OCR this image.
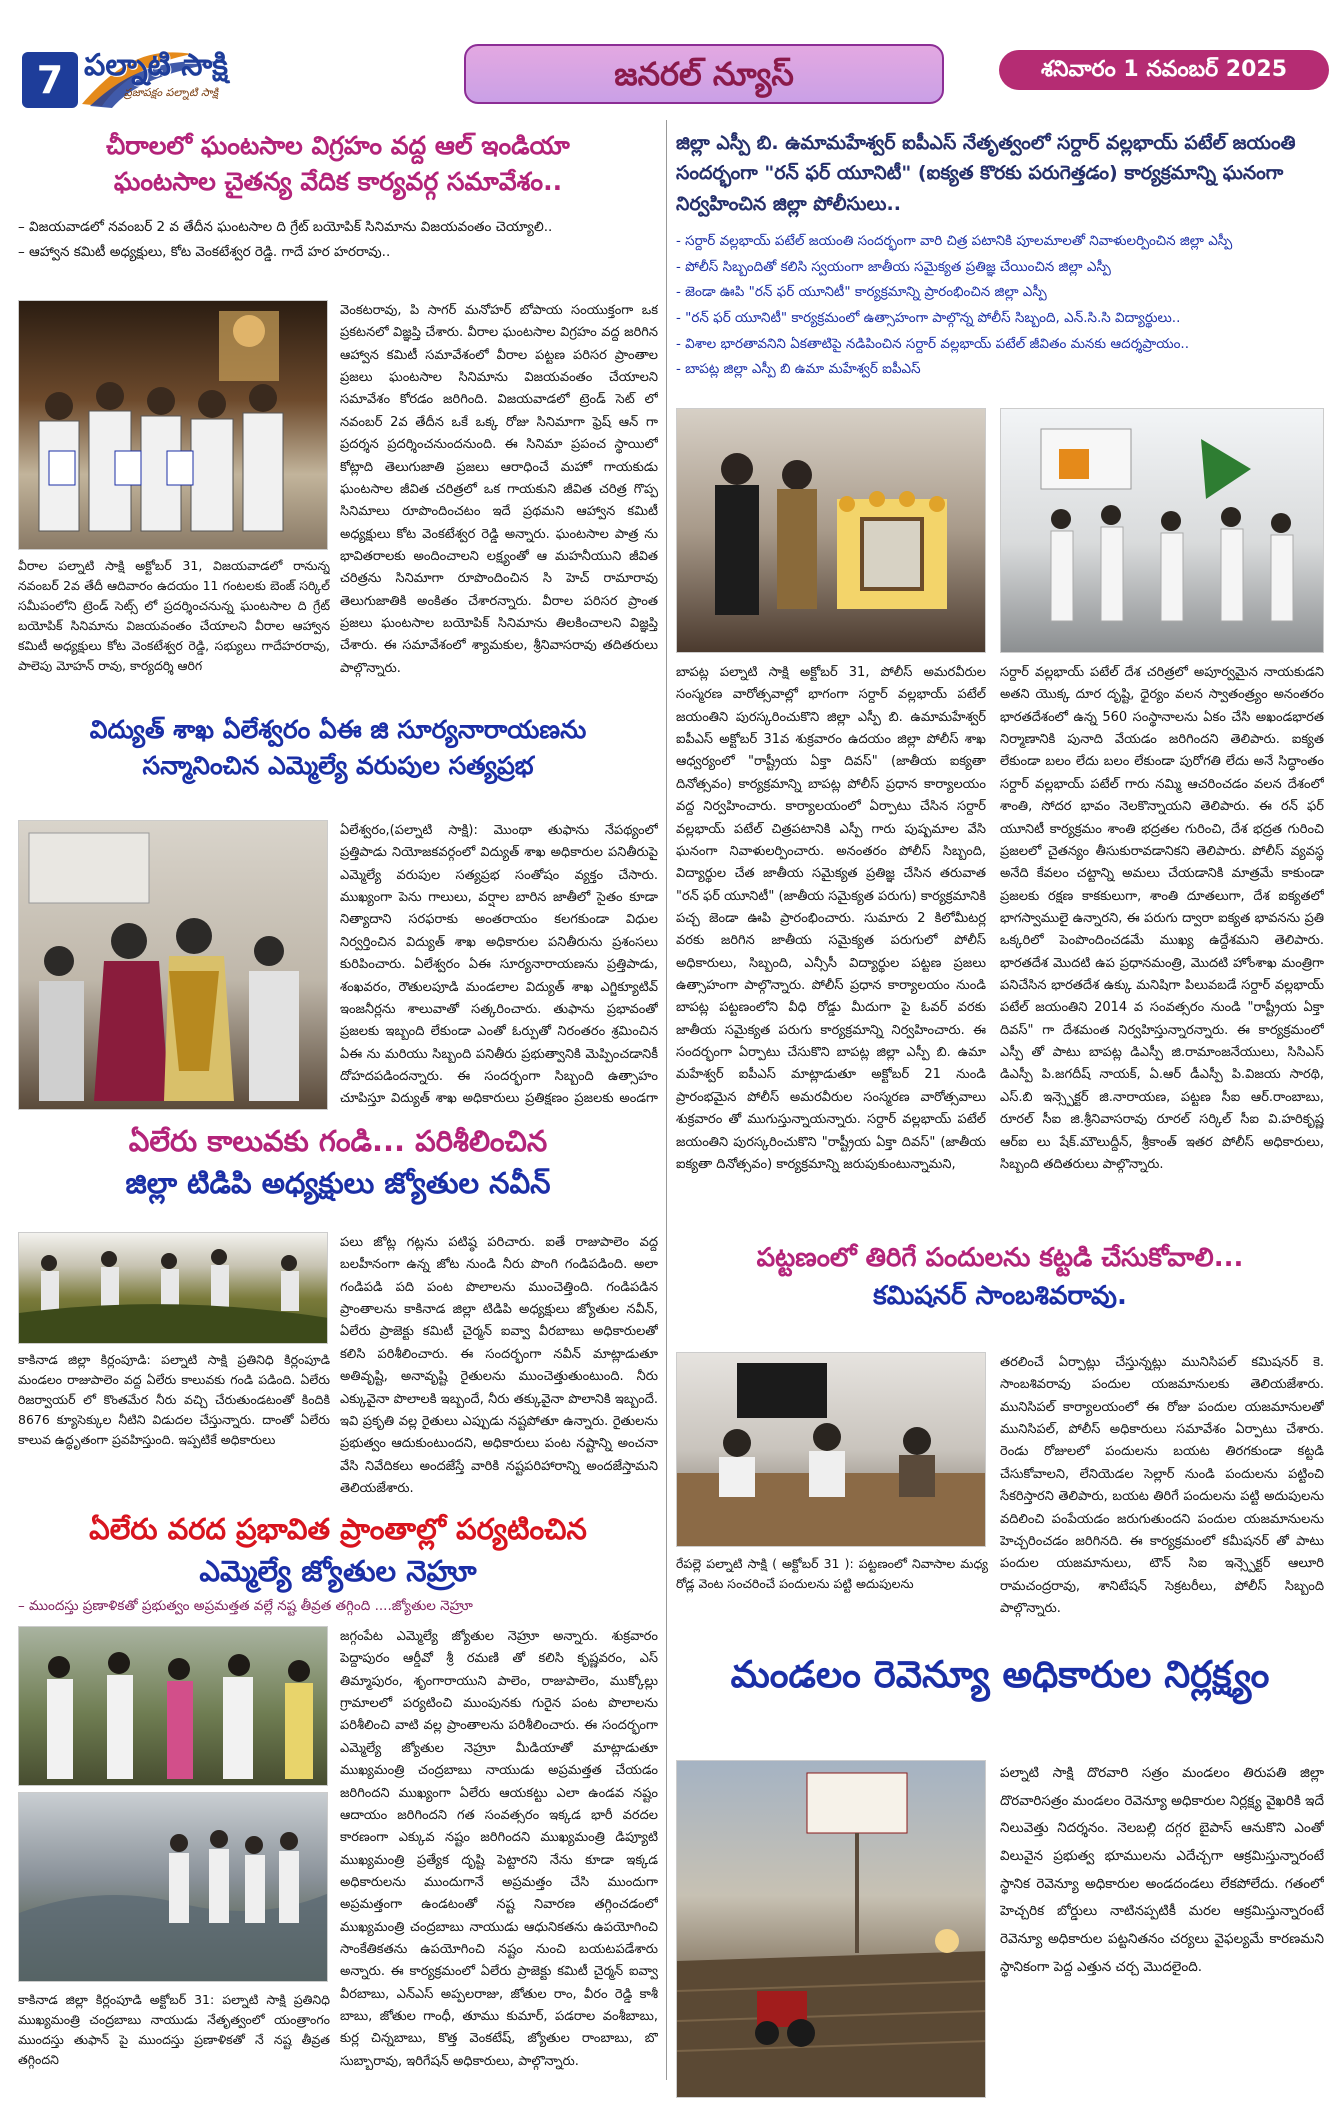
7 పల్నాటి సాక్షి
ప్రజాపక్షం పల్నాటి సాక్షి	జనరల్ న్యూస్	శనివారం 1 నవంబర్ 2025
చీరాలలో ఘంటసాల విగ్రహం వద్ద ఆల్ ఇండియా
ఘంటసాల చైతన్య వేదిక కార్యవర్గ సమావేశం..
– విజయవాడలో నవంబర్ 2 వ తేదీన ఘంటసాల ది గ్రేట్ బయోపిక్ సినిమాను విజయవంతం చెయ్యాలి..
– ఆహ్వాన కమిటీ అధ్యక్షులు, కోట వెంకటేశ్వర రెడ్డి. గాదే హర హరరావు..
వెంకటరావు, పి సాగర్ మనోహర్ బోపాయ సంయుక్తంగా ఒక ప్రకటనలో విజ్ఞప్తి చేశారు. వీరాల ఘంటసాల విగ్రహం వద్ద జరిగిన ఆహ్వాన కమిటీ సమావేశంలో వీరాల పట్టణ పరిసర ప్రాంతాల ప్రజలు ఘంటసాల సినిమాను విజయవంతం చేయాలని సమావేశం కోరడం జరిగింది. విజయవాడలో ట్రెండ్ సెట్ లో నవంబర్ 2వ తేదీన ఒకే ఒక్క రోజు సినిమాగా ఫ్రెష్ ఆన్ గా ప్రదర్శన ప్రదర్శించనుందనుంది. ఈ సినిమా ప్రపంచ స్థాయిలో కోట్లాది తెలుగుజాతి ప్రజలు ఆరాధించే మహో గాయకుడు ఘంటసాల జీవిత చరిత్రలో ఒక గాయకుని జీవిత చరిత్ర గొప్ప సినిమాలు రూపొందించటం ఇదే ప్రథమని ఆహ్వాన కమిటీ అధ్యక్షులు కోట వెంకటేశ్వర రెడ్డి అన్నారు. ఘంటసాల పాత్ర ను భావితరాలకు అందించాలని లక్ష్యంతో ఆ మహనీయుని జీవిత చరిత్రను సినిమాగా రూపొందించిన సి హెచ్ రామారావు తెలుగుజాతికి అంకితం చేశారన్నారు. వీరాల పరిసర ప్రాంత ప్రజలు ఘంటసాల బయోపిక్ సినిమాను తిలకించాలని విజ్ఞప్తి చేశారు. ఈ సమావేశంలో శ్యామకుల, శ్రీనివాసరావు తదితరులు పాల్గొన్నారు.
వీరాల పల్నాటి సాక్షి అక్టోబర్ 31, విజయవాడలో రానున్న నవంబర్ 2వ తేదీ ఆదివారం ఉదయం 11 గంటలకు బెంజ్ సర్కిల్ సమీపంలోని ట్రెండ్ సెట్స్ లో ప్రదర్శించనున్న ఘంటసాల ది గ్రేట్ బయోపిక్ సినిమాను విజయవంతం చేయాలని వీరాల ఆహ్వాన కమిటీ అధ్యక్షులు కోట వెంకటేశ్వర రెడ్డి, సభ్యులు గాదేహరరావు, పాలెపు మోహన్ రావు, కార్యదర్శి ఆరిగ
విద్యుత్ శాఖ ఏలేశ్వరం ఏఈ జి సూర్యనారాయణను
సన్మానించిన ఎమ్మెల్యే వరుపుల సత్యప్రభ
ఏలేశ్వరం,(పల్నాటి సాక్షి): మొంథా తుఫాను నేపథ్యంలో ప్రత్తిపాడు నియోజకవర్గంలో విద్యుత్ శాఖ అధికారుల పనితీరుపై ఎమ్మెల్యే వరుపుల సత్యప్రభ సంతోషం వ్యక్తం చేసారు. ముఖ్యంగా పెను గాలులు, వర్షాల బారిన జాతీలో సైతం కూడా నిత్యాదాని సరఫరాకు అంతరాయం కలగకుండా విధుల నిర్వర్తించిన విద్యుత్ శాఖ అధికారుల పనితీరును ప్రశంసలు కురిపించారు. ఏలేశ్వరం ఏఈ సూర్యనారాయణను ప్రత్తిపాడు, శంఖవరం, రౌతులపూడి మండలాల విద్యుత్ శాఖ ఎగ్జిక్యూటివ్ ఇంజనీర్లను శాలువాతో సత్కరించారు. తుఫాను ప్రభావంతో ప్రజలకు ఇబ్బంది లేకుండా ఎంతో ఓర్పుతో నిరంతరం శ్రమించిన ఏఈ ను మరియు సిబ్బంది పనితీరు ప్రభుత్వానికి మెప్పించడానికీ దోహదపడిందన్నారు. ఈ సందర్భంగా సిబ్బంది ఉత్సాహం చూపిస్తూ విద్యుత్ శాఖ అధికారులు ప్రతిక్షణం ప్రజలకు అండగా
ఏలేరు కాలువకు గండి... పరిశీలించిన
జిల్లా టిడిపి అధ్యక్షులు జ్యోతుల నవీన్
కాకినాడ జిల్లా కిర్లంపూడి: పల్నాటి సాక్షి ప్రతినిధి కిర్లంపూడి మండలం రాజుపాలెం వద్ద ఏలేరు కాలువకు గండి పడింది. ఏలేరు రిజర్వాయర్ లో కొంతమేర నీరు వచ్చి చేరుతుండటంతో కిందికి 8676 క్యూసెక్కుల నీటిని విడుదల చేస్తున్నారు. దాంతో ఏలేరు కాలువ ఉద్ధృతంగా ప్రవహిస్తుంది. ఇప్పటికే అధికారులు
పలు జోట్ల గట్లను పటిష్ఠ పరిచారు. ఐతే రాజుపాలెం వద్ద బలహీనంగా ఉన్న జోట నుండి నీరు పొంగి గండిపడింది. అలా గండిపడి పది పంట పొలాలను ముంచెత్తింది. గండిపడిన ప్రాంతాలను కాకినాడ జిల్లా టిడిపి అధ్యక్షులు జ్యోతుల నవీన్, ఏలేరు ప్రాజెక్టు కమిటీ చైర్మన్ ఐవ్వా వీరబాబు అధికారులతో కలిసి పరిశీలించారు. ఈ సందర్భంగా నవీన్ మాట్లాడుతూ అతివృష్టి, అనావృష్టి రైతులను ముంచెత్తుతుంటుంది. నీరు ఎక్కువైనా పొలాలకి ఇబ్బందే, నీరు తక్కువైనా పొలానికి ఇబ్బందే. ఇవి ప్రకృతి వల్ల రైతులు ఎప్పుడు నష్టపోతూ ఉన్నారు. రైతులను ప్రభుత్వం ఆదుకుంటుందని, అధికారులు పంట నష్టాన్ని అంచనా వేసి నివేదికలు అందజేస్తే వారికి నష్టపరిహారాన్ని అందజేస్తామని తెలియజేశారు.
ఏలేరు వరద ప్రభావిత ప్రాంతాల్లో పర్యటించిన
ఎమ్మెల్యే జ్యోతుల నెహ్రూ
– ముందస్తు ప్రణాళికతో ప్రభుత్వం అప్రమత్తత వల్లే నష్ట తీవ్రత తగ్గింది ....జ్యోతుల నెహ్రూ
కాకినాడ జిల్లా కిర్లంపూడి అక్టోబర్ 31: పల్నాటి సాక్షి ప్రతినిధి ముఖ్యమంత్రి చంద్రబాబు నాయుడు నేతృత్వంలో యంత్రాంగం ముందస్తు తుఫాన్ పై ముందస్తు ప్రణాళికతో నే నష్ట తీవ్రత తగ్గిందని
జగ్గంపేట ఎమ్మెల్యే జ్యోతుల నెహ్రూ అన్నారు. శుక్రవారం పెద్దాపురం ఆర్డీవో శ్రీ రమణి తో కలిసి కృష్ణవరం, ఎస్ తిమ్మాపురం, శృంగారాయుని పాలెం, రాజుపాలెం, ముక్కోల్లు గ్రామాలలో పర్యటించి ముంపునకు గురైన పంట పొలాలను పరిశీలించి వాటి వల్ల ప్రాంతాలను పరిశీలించారు. ఈ సందర్భంగా ఎమ్మెల్యే జ్యోతుల నెహ్రూ మీడియాతో మాట్లాడుతూ ముఖ్యమంత్రి చంద్రబాబు నాయుడు అప్రమత్తత చేయడం జరిగిందని ముఖ్యంగా ఏలేరు ఆయకట్టు ఎలా ఉండవ నష్టం ఆదాయం జరిగిందని గత సంవత్సరం ఇక్కడ భారీ వరదల కారణంగా ఎక్కువ నష్టం జరిగిందని ముఖ్యమంత్రి డిప్యూటి ముఖ్యమంత్రి ప్రత్యేక దృష్టి పెట్టారని నేను కూడా ఇక్కడ అధికారులను ముందుగానే అప్రమత్తం చేసి ముందుగా అప్రమత్తంగా ఉండటంతో నష్ట నివారణ తగ్గించడంలో ముఖ్యమంత్రి చంద్రబాబు నాయుడు ఆధునికతను ఉపయోగించి సాంకేతికతను ఉపయోగించి నష్టం నుంచి బయటపడేశారు అన్నారు. ఈ కార్యక్రమంలో ఏలేరు ప్రాజెక్టు కమిటీ చైర్మన్ ఐవ్వా వీరబాబు, ఎన్ఎస్ అప్పలరాజు, జోతుల రాం, వీరం రెడ్డి కాశీ బాబు, జోతుల గాంధీ, తూము కుమార్, పడరాల వంశీబాబు, కుర్ల చిన్నబాబు, కొత్త వెంకటేష్, జ్యోతుల రాంబాబు, బొ సుబ్బారావు, ఇరిగేషన్ అధికారులు, పాల్గొన్నారు.
జిల్లా ఎస్పీ బి. ఉమామహేశ్వర్ ఐపీఎస్ నేతృత్వంలో సర్దార్ వల్లభాయ్ పటేల్ జయంతి సందర్భంగా "రన్ ఫర్ యూనిటీ" (ఐక్యత కొరకు పరుగెత్తడం) కార్యక్రమాన్ని ఘనంగా నిర్వహించిన జిల్లా పోలీసులు..
- సర్దార్ వల్లభాయ్ పటేల్ జయంతి సందర్భంగా వారి చిత్ర పటానికి పూలమాలతో నివాళులర్పించిన జిల్లా ఎస్పీ
- పోలీస్ సిబ్బందితో కలిసి స్వయంగా జాతీయ సమైక్యత ప్రతిజ్ఞ చేయించిన జిల్లా ఎస్పీ
- జెండా ఊపి "రన్ ఫర్ యూనిటీ" కార్యక్రమాన్ని ప్రారంభించిన జిల్లా ఎస్పీ
- "రన్ ఫర్ యూనిటీ" కార్యక్రమంలో ఉత్సాహంగా పాల్గొన్న పోలీస్ సిబ్బంది, ఎన్.సి.సి విద్యార్థులు..
- విశాల భారతావనిని ఏకతాటిపై నడిపించిన సర్దార్ వల్లభాయ్ పటేల్ జీవితం మనకు ఆదర్శప్రాయం..
- బాపట్ల జిల్లా ఎస్పీ బి ఉమా మహేశ్వర్ ఐపీఎస్
బాపట్ల పల్నాటి సాక్షి అక్టోబర్ 31, పోలీస్ అమరవీరుల సంస్మరణ వారోత్సవాల్లో భాగంగా సర్దార్ వల్లభాయ్ పటేల్ జయంతిని పురస్కరించుకొని జిల్లా ఎస్పీ బి. ఉమామహేశ్వర్ ఐపీఎస్ అక్టోబర్ 31వ శుక్రవారం ఉదయం జిల్లా పోలీస్ శాఖ ఆధ్వర్యంలో "రాష్ట్రీయ ఏక్తా దివస్" (జాతీయ ఐక్యతా దినోత్సవం) కార్యక్రమాన్ని బాపట్ల పోలీస్ ప్రధాన కార్యాలయం వద్ద నిర్వహించారు. కార్యాలయంలో ఏర్పాటు చేసిన సర్దార్ వల్లభాయ్ పటేల్ చిత్రపటానికి ఎస్పీ గారు పుష్పమాల వేసి ఘనంగా నివాళులర్పించారు. అనంతరం పోలీస్ సిబ్బంది, విద్యార్థుల చేత జాతీయ సమైక్యత ప్రతిజ్ఞ చేసిన తరువాత "రన్ ఫర్ యూనిటీ" (జాతీయ సమైక్యత పరుగు) కార్యక్రమానికి పచ్చ జెండా ఊపి ప్రారంభించారు. సుమారు 2 కిలోమీటర్ల వరకు జరిగిన జాతీయ సమైక్యత పరుగులో పోలీస్ అధికారులు, సిబ్బంది, ఎన్సీసీ విద్యార్థుల పట్టణ ప్రజలు ఉత్సాహంగా పాల్గొన్నారు. పోలీస్ ప్రధాన కార్యాలయం నుండి బాపట్ల పట్టణంలోని వీధి రోడ్డు మీదుగా పై ఓవర్ వరకు జాతీయ సమైక్యత పరుగు కార్యక్రమాన్ని నిర్వహించారు. ఈ సందర్భంగా ఏర్పాటు చేసుకొని బాపట్ల జిల్లా ఎస్పీ బి. ఉమా మహేశ్వర్ ఐపీఎస్ మాట్లాడుతూ అక్టోబర్ 21 నుండి ప్రారంభమైన పోలీస్ అమరవీరుల సంస్మరణ వారోత్సవాలు శుక్రవారం తో ముగుస్తున్నాయన్నారు. సర్దార్ వల్లభాయ్ పటేల్ జయంతిని పురస్కరించుకొని "రాష్ట్రీయ ఏక్తా దివస్" (జాతీయ ఐక్యతా దినోత్సవం) కార్యక్రమాన్ని జరుపుకుంటున్నామని,
సర్దార్ వల్లభాయ్ పటేల్ దేశ చరిత్రలో అపూర్వమైన నాయకుడని అతని యొక్క దూర దృష్టి, ధైర్యం వలన స్వాతంత్ర్యం అనంతరం భారతదేశంలో ఉన్న 560 సంస్థానాలను ఏకం చేసి అఖండభారత నిర్మాణానికి పునాది వేయడం జరిగిందని తెలిపారు. ఐక్యత లేకుండా బలం లేదు బలం లేకుండా పురోగతి లేదు అనే సిద్ధాంతం సర్దార్ వల్లభాయ్ పటేల్ గారు నమ్మి ఆచరించడం వలన దేశంలో శాంతి, సోదర భావం నెలకొన్నాయని తెలిపారు. ఈ రన్ ఫర్ యూనిటీ కార్యక్రమం శాంతి భద్రతల గురించి, దేశ భద్రత గురించి ప్రజలలో చైతన్యం తీసుకురావడానికని తెలిపారు. పోలీస్ వ్యవస్థ అనేది కేవలం చట్టాన్ని అమలు చేయడానికి మాత్రమే కాకుండా ప్రజలకు రక్షణ కాకకులుగా, శాంతి దూతలుగా, దేశ ఐక్యతలో భాగస్వాములై ఉన్నారని, ఈ పరుగు ద్వారా ఐక్యత భావనను ప్రతి ఒక్కరిలో పెంపొందించడమే ముఖ్య ఉద్దేశమని తెలిపారు. భారతదేశ మొదటి ఉప ప్రధానమంత్రి, మొదటి హోంశాఖ మంత్రిగా పనిచేసిన భారతదేశ ఉక్కు మనిషిగా పిలువబడే సర్దార్ వల్లభాయ్ పటేల్ జయంతిని 2014 వ సంవత్సరం నుండి "రాష్ట్రీయ ఏక్తా దివస్" గా దేశమంత నిర్వహిస్తున్నారన్నారు. ఈ కార్యక్రమంలో ఎస్పీ తో పాటు బాపట్ల డిఎస్పీ జి.రామాంజనేయులు, సిసిఎస్ డిఎస్పీ పి.జగదీష్ నాయక్, ఏ.ఆర్ డీఎస్పీ పి.విజయ సారథి, ఎస్.బి ఇన్స్పెక్టర్ జి.నారాయణ, పట్టణ సీఐ ఆర్.రాంబాబు, రూరల్ సీఐ జి.శ్రీనివాసరావు రూరల్ సర్కిల్ సీఐ వి.హరికృష్ణ ఆర్ఐ లు షేక్.మౌలుద్దీన్, శ్రీకాంత్ ఇతర పోలీస్ అధికారులు, సిబ్బంది తదితరులు పాల్గొన్నారు.
పట్టణంలో తిరిగే పందులను కట్టడి చేసుకోవాలి...
కమిషనర్ సాంబశివరావు.
రేపల్లె పల్నాటి సాక్షి ( అక్టోబర్ 31 ): పట్టణంలో నివాసాల మధ్య రోడ్ల వెంట సంచరించే పందులను పట్టి అదుపులను
తరలించే ఏర్పాట్లు చేస్తున్నట్లు మునిసిపల్ కమిషనర్ కె. సాంబశివరావు పందుల యజమానులకు తెలియజేశారు. మునిసిపల్ కార్యాలయంలో ఈ రోజు పందుల యజమానులతో మునిసిపల్, పోలీస్ అధికారులు సమావేశం ఏర్పాటు చేశారు. రెండు రోజులలో పందులను బయట తిరగకుండా కట్టడి చేసుకోవాలని, లేనియెడల సెల్లార్ నుండి పందులను పట్టించి సేకరిస్తారని తెలిపారు, బయట తిరిగే పందులను పట్టి అదుపులను వదిలించి పంపేయడం జరుగుతుందని పందుల యజమానులను హెచ్చరించడం జరిగినది. ఈ కార్యక్రమంలో కమీషనర్ తో పాటు పందుల యజమానులు, టౌన్ సిఐ ఇన్స్పెక్టర్ ఆలూరి రామచంద్రరావు, శానిటేషన్ సెక్రటరీలు, పోలీస్ సిబ్బంది పాల్గొన్నారు.
మండలం రెవెన్యూ అధికారుల నిర్లక్ష్యం
పల్నాటి సాక్షి దొరవారి సత్రం మండలం తిరుపతి జిల్లా దొరవారిసత్రం మండలం రెవెన్యూ అధికారుల నిర్లక్ష్య వైఖరికి ఇదే నిలువెత్తు నిదర్శనం. నెలబల్లి దగ్గర బైపాస్ ఆనుకొని ఎంతో విలువైన ప్రభుత్వ భూములను ఎదేచ్చగా ఆక్రమిస్తున్నారంటే స్థానిక రెవెన్యూ అధికారుల అండదండలు లేకపోలేదు. గతంలో హెచ్చరిక బోర్డులు నాటినప్పటికీ మరల ఆక్రమిస్తున్నారంటే రెవెన్యూ అధికారుల పట్టనితనం చర్యలు వైఫల్యమే కారణమని స్థానికంగా పెద్ద ఎత్తున చర్చ మొదలైంది.
